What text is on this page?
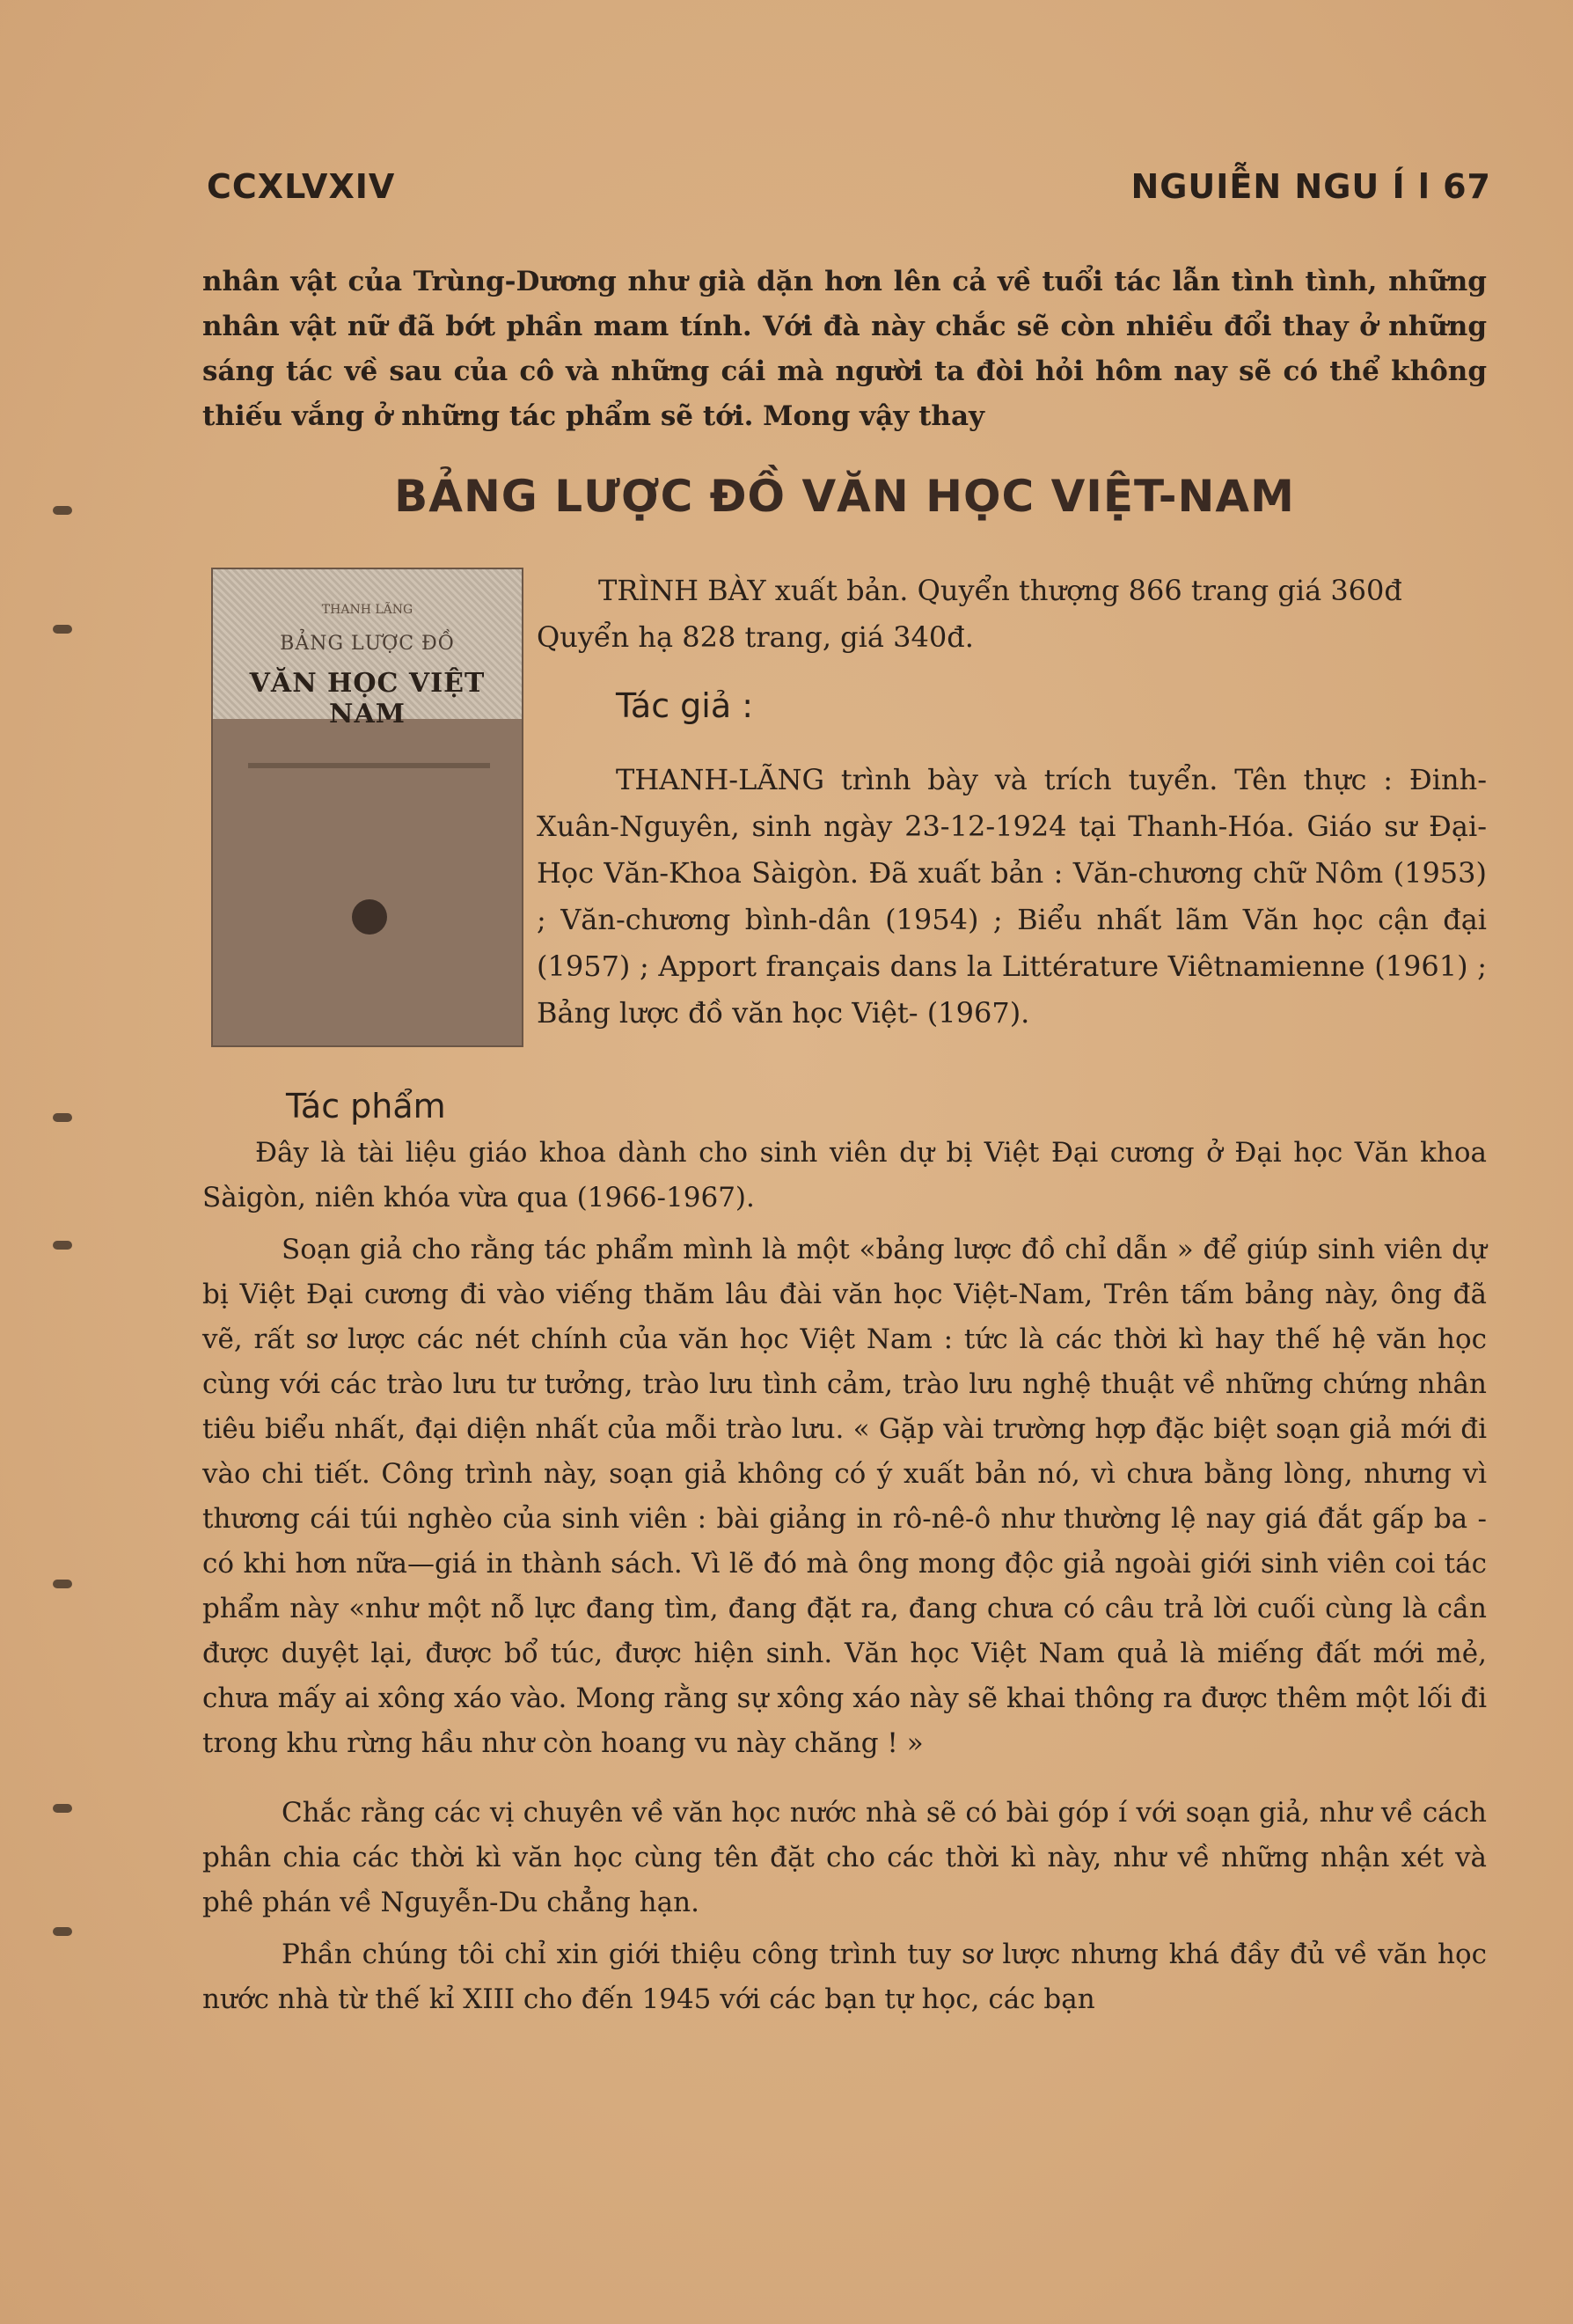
CCXLVXIV	NGUIỄN NGU Í l 67

nhân vật của Trùng-Dương như già dặn hơn lên cả về tuổi tác lẫn tình tình, những nhân vật nữ đã bớt phần mam tính. Với đà này chắc sẽ còn nhiều đổi thay ở những sáng tác về sau của cô và những cái mà người ta đòi hỏi hôm nay sẽ có thể không thiếu vắng ở những tác phẩm sẽ tới. Mong vậy thay

BẢNG LƯỢC ĐỒ VĂN HỌC VIỆT-NAM
THANH LÃNG
BẢNG LƯỢC ĐỒ
VĂN HỌC VIỆT NAM

TRÌNH BÀY xuất bản. Quyển thượng 866 trang giá 360đ Quyển hạ 828 trang, giá 340đ.

Tác giả :

THANH-LÃNG trình bày và trích tuyển. Tên thực : Đinh-Xuân-Nguyên, sinh ngày 23-12-1924 tại Thanh-Hóa. Giáo sư Đại-Học Văn-Khoa Sàigòn. Đã xuất bản : Văn-chương chữ Nôm (1953) ; Văn-chương bình-dân (1954) ; Biểu nhất lãm Văn học cận đại (1957) ; Apport français dans la Littérature Viêtnamienne (1961) ; Bảng lược đồ văn học Việt- (1967).

Tác phẩm

Đây là tài liệu giáo khoa dành cho sinh viên dự bị Việt Đại cương ở Đại học Văn khoa Sàigòn, niên khóa vừa qua (1966-1967).

Soạn giả cho rằng tác phẩm mình là một «bảng lược đồ chỉ dẫn » để giúp sinh viên dự bị Việt Đại cương đi vào viếng thăm lâu đài văn học Việt-Nam, Trên tấm bảng này, ông đã vẽ, rất sơ lược các nét chính của văn học Việt Nam : tức là các thời kì hay thế hệ văn học cùng với các trào lưu tư tưởng, trào lưu tình cảm, trào lưu nghệ thuật về những chứng nhân tiêu biểu nhất, đại diện nhất của mỗi trào lưu. « Gặp vài trường hợp đặc biệt soạn giả mới đi vào chi tiết. Công trình này, soạn giả không có ý xuất bản nó, vì chưa bằng lòng, nhưng vì thương cái túi nghèo của sinh viên : bài giảng in rô-nê-ô như thường lệ nay giá đắt gấp ba - có khi hơn nữa—giá in thành sách. Vì lẽ đó mà ông mong độc giả ngoài giới sinh viên coi tác phẩm này «như một nỗ lực đang tìm, đang đặt ra, đang chưa có câu trả lời cuối cùng là cần được duyệt lại, được bổ túc, được hiện sinh. Văn học Việt Nam quả là miếng đất mới mẻ, chưa mấy ai xông xáo vào. Mong rằng sự xông xáo này sẽ khai thông ra được thêm một lối đi trong khu rừng hầu như còn hoang vu này chăng ! »

Chắc rằng các vị chuyên về văn học nước nhà sẽ có bài góp í với soạn giả, như về cách phân chia các thời kì văn học cùng tên đặt cho các thời kì này, như về những nhận xét và phê phán về Nguyễn-Du chẳng hạn.

Phần chúng tôi chỉ xin giới thiệu công trình tuy sơ lược nhưng khá đầy đủ về văn học nước nhà từ thế kỉ XIII cho đến 1945 với các bạn tự học, các bạn
